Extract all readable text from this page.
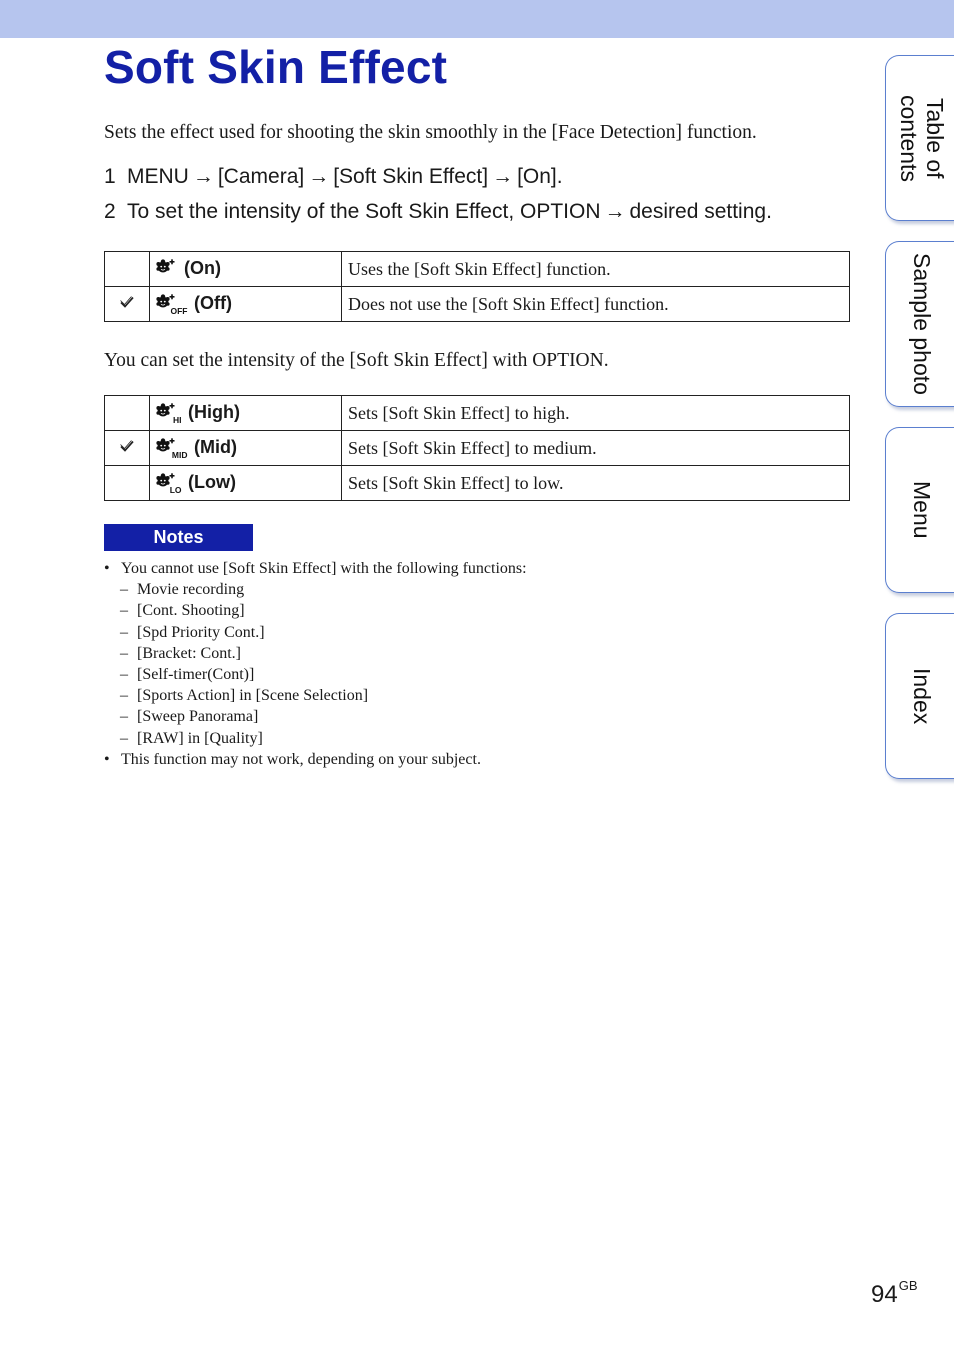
Soft Skin Effect

Sets the effect used for shooting the skin smoothly in the [Face Detection] function.

1 MENU → [Camera] → [Soft Skin Effect] → [On].

2 To set the intensity of the Soft Skin Effect, OPTION → desired setting.

	(On)	Uses the [Soft Skin Effect] function.

OFF (Off)	Does not use the [Soft Skin Effect] function.

You can set the intensity of the [Soft Skin Effect] with OPTION.

HI (High)	Sets [Soft Skin Effect] to high.

MID (Mid)	Sets [Soft Skin Effect] to medium.

LO (Low)	Sets [Soft Skin Effect] to low.
Notes
• You cannot use [Soft Skin Effect] with the following functions:
– Movie recording
– [Cont. Shooting]
– [Spd Priority Cont.]
– [Bracket: Cont.]
– [Self-timer(Cont)]
– [Sports Action] in [Scene Selection]
– [Sweep Panorama]
– [RAW] in [Quality]
• This function may not work, depending on your subject.
Table of contents
Sample photo
Menu
Index
$94^{GB}$
